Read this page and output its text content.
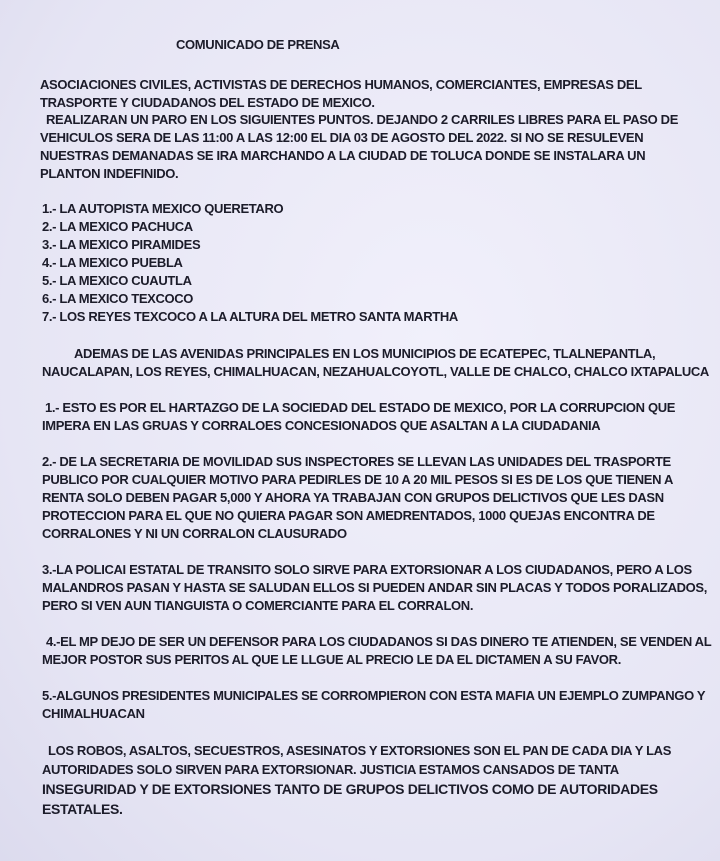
COMUNICADO DE PRENSA
ASOCIACIONES CIVILES, ACTIVISTAS DE DERECHOS HUMANOS, COMERCIANTES, EMPRESAS DEL
TRASPORTE Y CIUDADANOS DEL ESTADO DE MEXICO.
REALIZARAN UN PARO EN LOS SIGUIENTES PUNTOS. DEJANDO 2 CARRILES LIBRES PARA EL PASO DE
VEHICULOS SERA DE LAS 11:00 A LAS 12:00 EL DIA 03 DE AGOSTO DEL 2022. SI NO SE RESULEVEN
NUESTRAS DEMANADAS SE IRA MARCHANDO A LA CIUDAD DE TOLUCA DONDE SE INSTALARA UN
PLANTON INDEFINIDO.
1.- LA AUTOPISTA MEXICO QUERETARO
2.- LA MEXICO PACHUCA
3.- LA MEXICO PIRAMIDES
4.- LA MEXICO PUEBLA
5.- LA MEXICO CUAUTLA
6.- LA MEXICO TEXCOCO
7.- LOS REYES TEXCOCO A LA ALTURA DEL METRO SANTA MARTHA
ADEMAS DE LAS AVENIDAS PRINCIPALES EN LOS MUNICIPIOS DE ECATEPEC, TLALNEPANTLA,
NAUCALAPAN, LOS REYES, CHIMALHUACAN, NEZAHUALCOYOTL, VALLE DE CHALCO, CHALCO IXTAPALUCA
1.- ESTO ES POR EL HARTAZGO DE LA SOCIEDAD DEL ESTADO DE MEXICO, POR LA CORRUPCION QUE
IMPERA EN LAS GRUAS Y CORRALOES CONCESIONADOS QUE ASALTAN A LA CIUDADANIA
2.- DE LA SECRETARIA DE MOVILIDAD SUS INSPECTORES SE LLEVAN LAS UNIDADES DEL TRASPORTE
PUBLICO POR CUALQUIER MOTIVO PARA PEDIRLES DE 10 A 20 MIL PESOS SI ES DE LOS QUE TIENEN A
RENTA SOLO DEBEN PAGAR 5,000 Y AHORA YA TRABAJAN CON GRUPOS DELICTIVOS QUE LES DASN
PROTECCION PARA EL QUE NO QUIERA PAGAR SON AMEDRENTADOS, 1000 QUEJAS ENCONTRA DE
CORRALONES Y NI UN CORRALON CLAUSURADO
3.-LA POLICAI ESTATAL DE TRANSITO SOLO SIRVE PARA EXTORSIONAR A LOS CIUDADANOS, PERO A LOS
MALANDROS PASAN Y HASTA SE SALUDAN ELLOS SI PUEDEN ANDAR SIN PLACAS Y TODOS PORALIZADOS,
PERO SI VEN AUN TIANGUISTA O COMERCIANTE PARA EL CORRALON.
4.-EL MP DEJO DE SER UN DEFENSOR PARA LOS CIUDADANOS SI DAS DINERO TE ATIENDEN, SE VENDEN AL
MEJOR POSTOR SUS PERITOS AL QUE LE LLGUE AL PRECIO LE DA EL DICTAMEN A SU FAVOR.
5.-ALGUNOS PRESIDENTES MUNICIPALES SE CORROMPIERON CON ESTA MAFIA UN EJEMPLO ZUMPANGO Y
CHIMALHUACAN
LOS ROBOS, ASALTOS, SECUESTROS, ASESINATOS Y EXTORSIONES SON EL PAN DE CADA DIA Y LAS
AUTORIDADES SOLO SIRVEN PARA EXTORSIONAR. JUSTICIA ESTAMOS CANSADOS DE TANTA
INSEGURIDAD Y DE EXTORSIONES TANTO DE GRUPOS DELICTIVOS COMO DE AUTORIDADES
ESTATALES.
